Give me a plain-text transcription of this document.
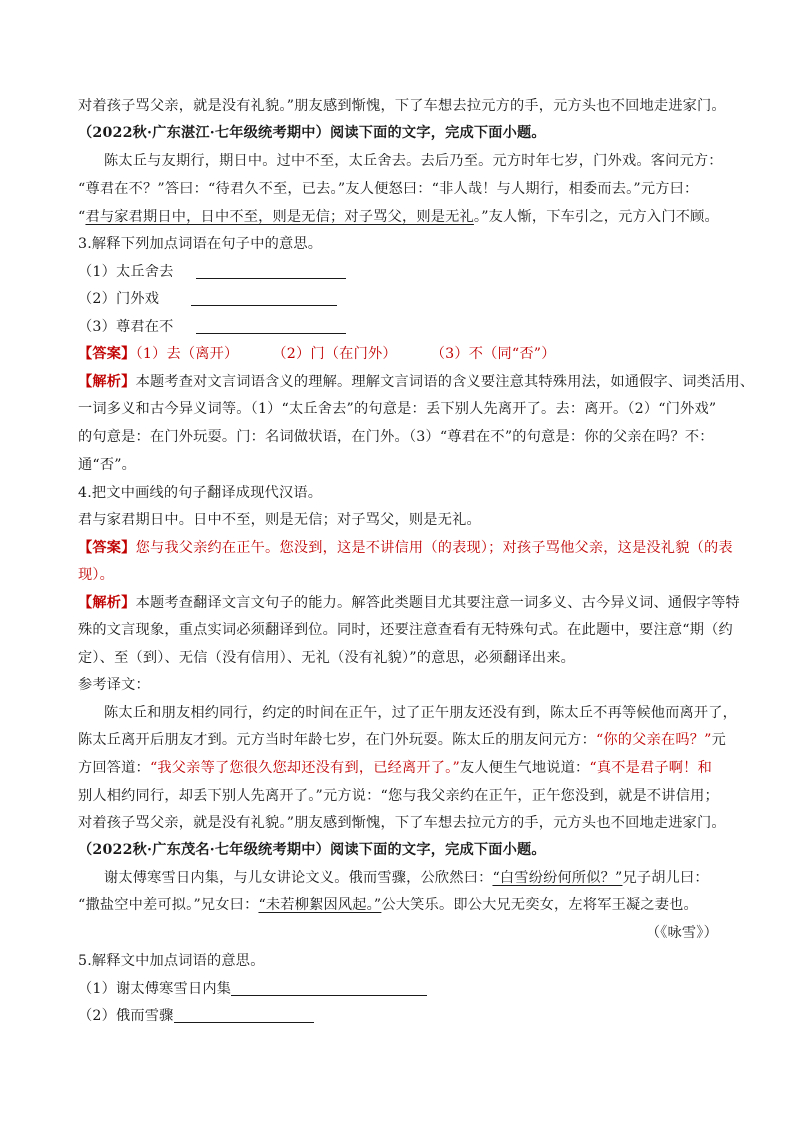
对着孩子骂父亲，就是没有礼貌。”朋友感到惭愧，下了车想去拉元方的手，元方头也不回地走进家门。
（2022秋·广东湛江·七年级统考期中）阅读下面的文字，完成下面小题。
陈太丘与友期行，期日中。过中不至，太丘舍去。去后乃至。元方时年七岁，门外戏。客问元方：
“尊君在不？”答曰：“待君久不至，已去。”友人便怒曰：“非人哉！与人期行，相委而去。”元方曰：
“君与家君期日中，日中不至，则是无信；对子骂父，则是无礼。”友人惭，下车引之，元方入门不顾。
3.解释下列加点词语在句子中的意思。
（1）太丘舍去
（2）门外戏
（3）尊君在不
【答案】（1）去（离开） （2）门（在门外） （3）不（同“否”）
【解析】本题考查对文言词语含义的理解。理解文言词语的含义要注意其特殊用法，如通假字、词类活用、
一词多义和古今异义词等。（1）“太丘舍去”的句意是：丢下别人先离开了。去：离开。（2）“门外戏”
的句意是：在门外玩耍。门：名词做状语，在门外。（3）“尊君在不”的句意是：你的父亲在吗？不：
通“否”。
4.把文中画线的句子翻译成现代汉语。
君与家君期日中。日中不至，则是无信；对子骂父，则是无礼。
【答案】您与我父亲约在正午。您没到，这是不讲信用（的表现）；对孩子骂他父亲，这是没礼貌（的表
现）。
【解析】本题考查翻译文言文句子的能力。解答此类题目尤其要注意一词多义、古今异义词、通假字等特
殊的文言现象，重点实词必须翻译到位。同时，还要注意查看有无特殊句式。在此题中，要注意“期（约
定）、至（到）、无信（没有信用）、无礼（没有礼貌）”的意思，必须翻译出来。
参考译文：
陈太丘和朋友相约同行，约定的时间在正午，过了正午朋友还没有到，陈太丘不再等候他而离开了，
陈太丘离开后朋友才到。元方当时年龄七岁，在门外玩耍。陈太丘的朋友问元方：“你的父亲在吗？”元
方回答道：“我父亲等了您很久您却还没有到，已经离开了。”友人便生气地说道：“真不是君子啊！和
别人相约同行，却丢下别人先离开了。”元方说：“您与我父亲约在正午，正午您没到，就是不讲信用；
对着孩子骂父亲，就是没有礼貌。”朋友感到惭愧，下了车想去拉元方的手，元方头也不回地走进家门。
（2022秋·广东茂名·七年级统考期中）阅读下面的文字，完成下面小题。
谢太傅寒雪日内集，与儿女讲论文义。俄而雪骤，公欣然曰：“白雪纷纷何所似？”兄子胡儿曰：
“撒盐空中差可拟。”兄女曰：“未若柳絮因风起。”公大笑乐。即公大兄无奕女，左将军王凝之妻也。
（《咏雪》）
5.解释文中加点词语的意思。
（1）谢太傅寒雪日内集
（2）俄而雪骤
